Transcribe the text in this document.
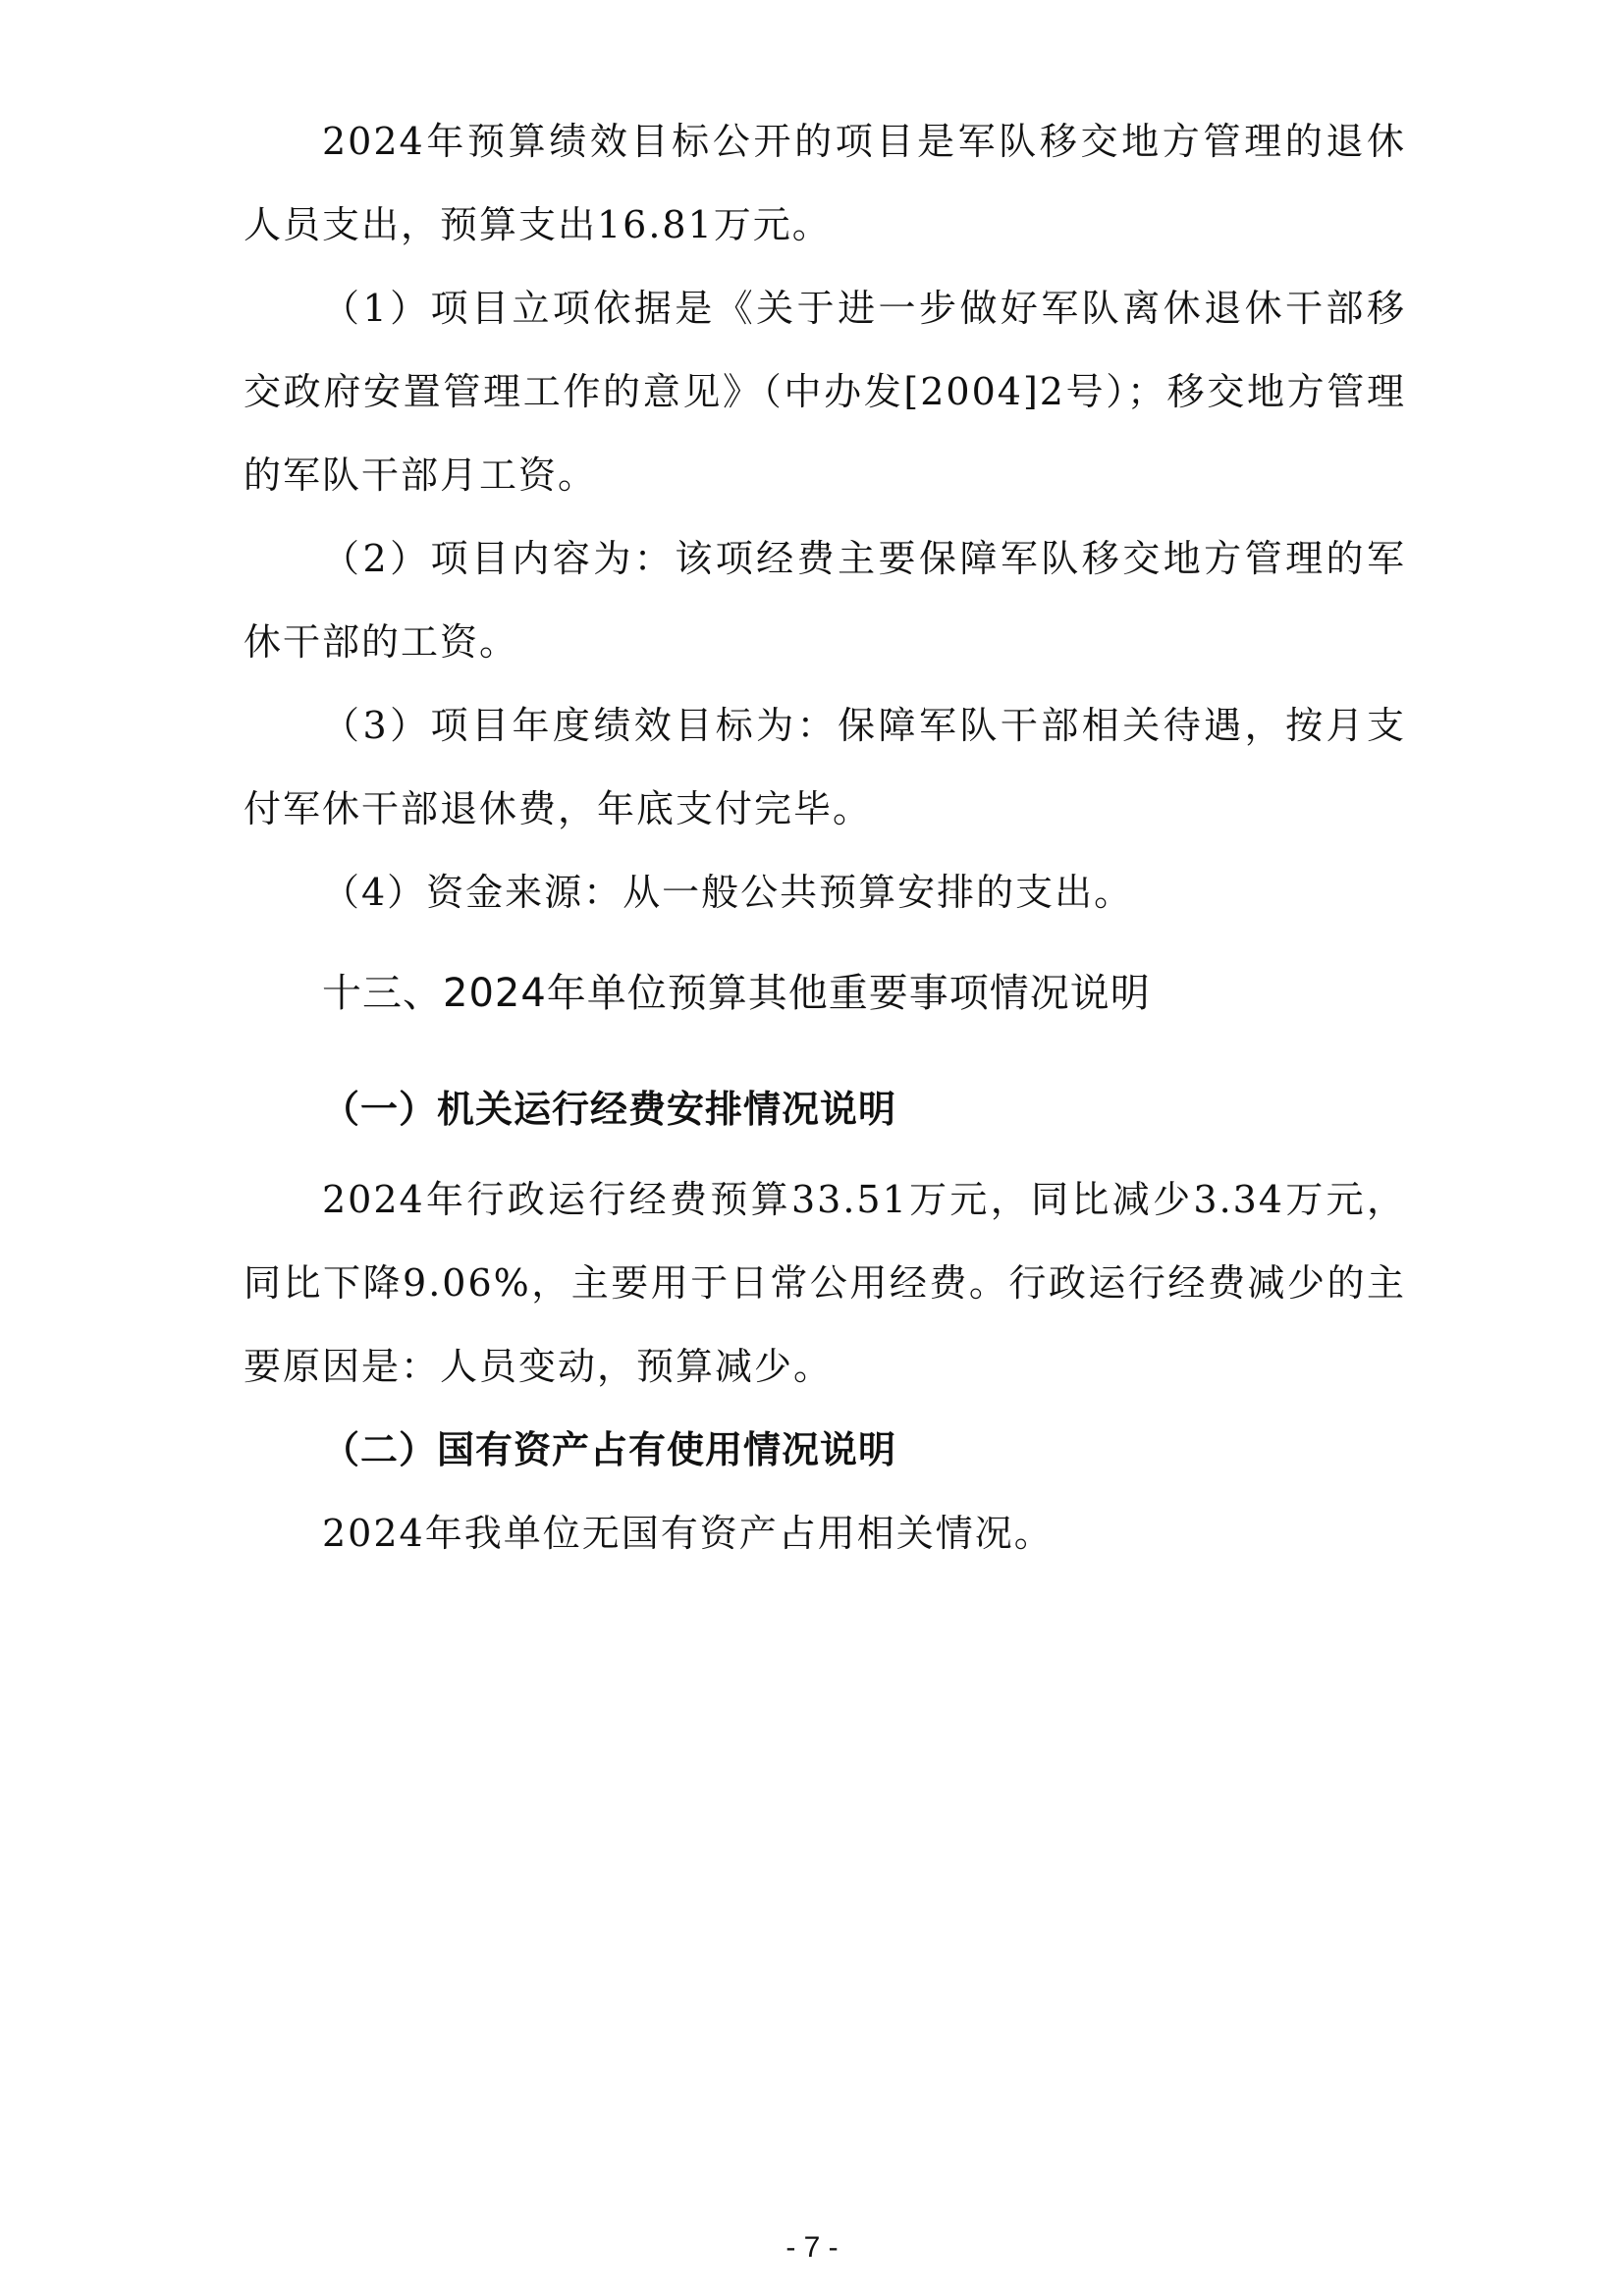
2024年预算绩效目标公开的项目是军队移交地方管理的退休人员支出，预算支出16.81万元。

（1）项目立项依据是《关于进一步做好军队离休退休干部移交政府安置管理工作的意见》（中办发[2004]2号）；移交地方管理的军队干部月工资。

（2）项目内容为：该项经费主要保障军队移交地方管理的军休干部的工资。

（3）项目年度绩效目标为：保障军队干部相关待遇，按月支付军休干部退休费，年底支付完毕。

（4）资金来源：从一般公共预算安排的支出。

十三、2024年单位预算其他重要事项情况说明
（一）机关运行经费安排情况说明

2024年行政运行经费预算33.51万元，同比减少3.34万元，同比下降9.06%，主要用于日常公用经费。行政运行经费减少的主要原因是：人员变动，预算减少。

（二）国有资产占有使用情况说明

2024年我单位无国有资产占用相关情况。

- 7 -
